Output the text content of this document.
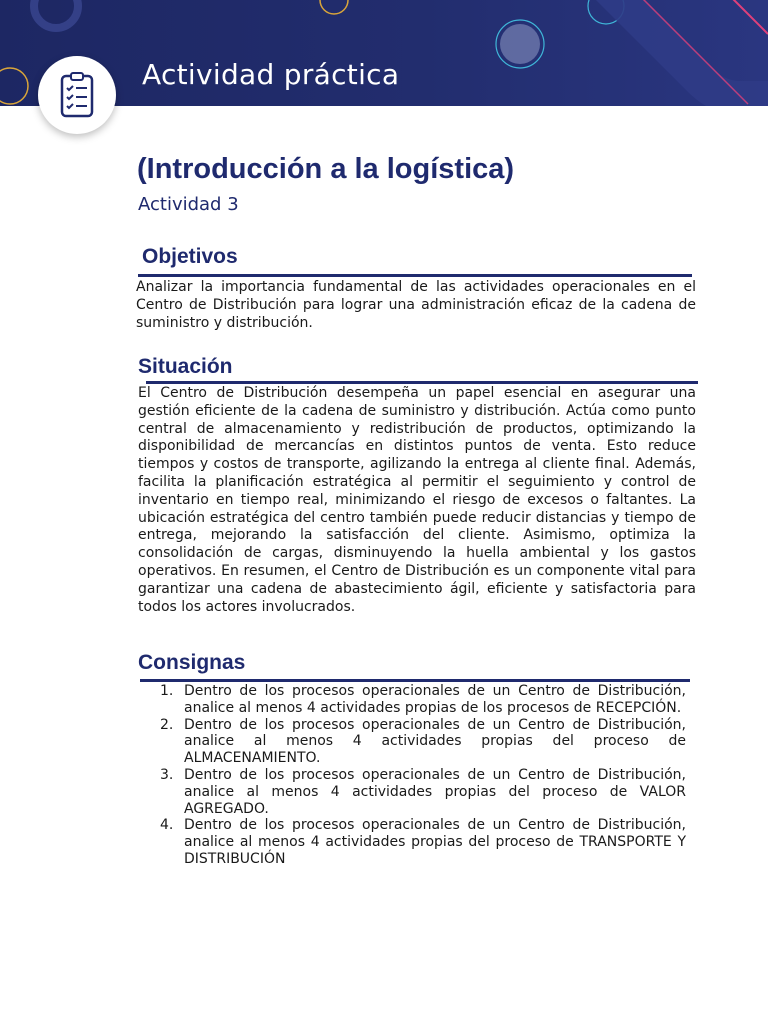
Actividad práctica
(Introducción a la logística)
Actividad 3
Objetivos

Analizar la importancia fundamental de las actividades operacionales en el Centro de Distribución para lograr una administración eficaz de la cadena de suministro y distribución.

Situación

El Centro de Distribución desempeña un papel esencial en asegurar una gestión eficiente de la cadena de suministro y distribución. Actúa como punto central de almacenamiento y redistribución de productos, optimizando la disponibilidad de mercancías en distintos puntos de venta. Esto reduce tiempos y costos de transporte, agilizando la entrega al cliente final. Además, facilita la planificación estratégica al permitir el seguimiento y control de inventario en tiempo real, minimizando el riesgo de excesos o faltantes. La ubicación estratégica del centro también puede reducir distancias y tiempo de entrega, mejorando la satisfacción del cliente. Asimismo, optimiza la consolidación de cargas, disminuyendo la huella ambiental y los gastos operativos. En resumen, el Centro de Distribución es un componente vital para garantizar una cadena de abastecimiento ágil, eficiente y satisfactoria para todos los actores involucrados.

Consignas
1. Dentro de los procesos operacionales de un Centro de Distribución, analice al menos 4 actividades propias de los procesos de RECEPCIÓN.
2. Dentro de los procesos operacionales de un Centro de Distribución, analice al menos 4 actividades propias del proceso de ALMACENAMIENTO.
3. Dentro de los procesos operacionales de un Centro de Distribución, analice al menos 4 actividades propias del proceso de VALOR AGREGADO.
4. Dentro de los procesos operacionales de un Centro de Distribución, analice al menos 4 actividades propias del proceso de TRANSPORTE Y DISTRIBUCIÓN
